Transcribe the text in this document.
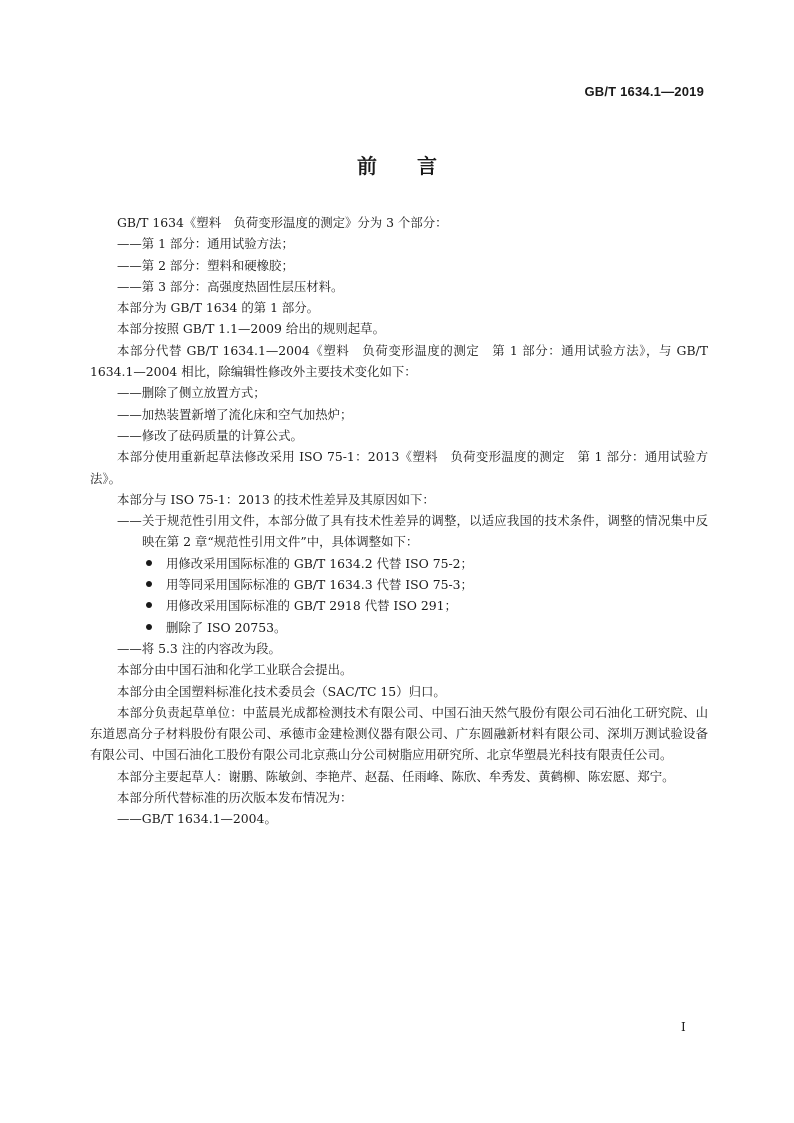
GB/T 1634.1—2019
前言

GB/T 1634《塑料　负荷变形温度的测定》分为 3 个部分：

——第 1 部分：通用试验方法；

——第 2 部分：塑料和硬橡胶；

——第 3 部分：高强度热固性层压材料。

本部分为 GB/T 1634 的第 1 部分。

本部分按照 GB/T 1.1—2009 给出的规则起草。

本部分代替 GB/T 1634.1—2004《塑料　负荷变形温度的测定　第 1 部分：通用试验方法》，与 GB/T 1634.1—2004 相比，除编辑性修改外主要技术变化如下：

——删除了侧立放置方式；

——加热装置新增了流化床和空气加热炉；

——修改了砝码质量的计算公式。

本部分使用重新起草法修改采用 ISO 75-1：2013《塑料　负荷变形温度的测定　第 1 部分：通用试验方法》。

本部分与 ISO 75-1：2013 的技术性差异及其原因如下：

——关于规范性引用文件，本部分做了具有技术性差异的调整，以适应我国的技术条件，调整的情况集中反映在第 2 章“规范性引用文件”中，具体调整如下：

用修改采用国际标准的 GB/T 1634.2 代替 ISO 75-2；

用等同采用国际标准的 GB/T 1634.3 代替 ISO 75-3；

用修改采用国际标准的 GB/T 2918 代替 ISO 291；

删除了 ISO 20753。

——将 5.3 注的内容改为段。

本部分由中国石油和化学工业联合会提出。

本部分由全国塑料标准化技术委员会（SAC/TC 15）归口。

本部分负责起草单位：中蓝晨光成都检测技术有限公司、中国石油天然气股份有限公司石油化工研究院、山东道恩高分子材料股份有限公司、承德市金建检测仪器有限公司、广东圆融新材料有限公司、深圳万测试验设备有限公司、中国石油化工股份有限公司北京燕山分公司树脂应用研究所、北京华塑晨光科技有限责任公司。

本部分主要起草人：谢鹏、陈敏剑、李艳芹、赵磊、任雨峰、陈欣、牟秀发、黄鹤柳、陈宏愿、郑宁。

本部分所代替标准的历次版本发布情况为：

——GB/T 1634.1—2004。

I
